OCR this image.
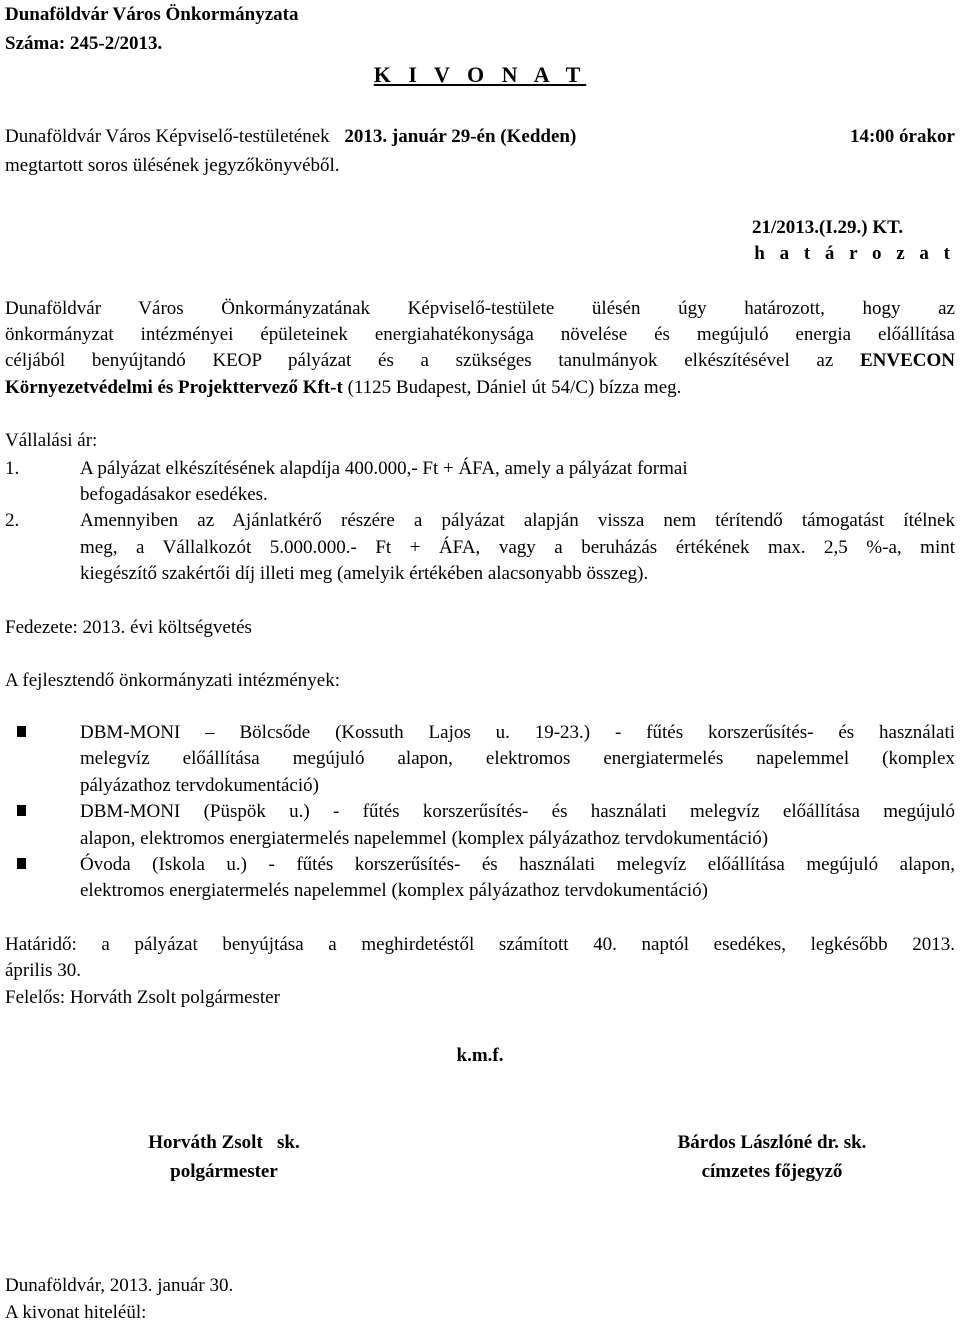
Dunaföldvár Város Önkormányzata
Száma: 245-2/2013.
K I V O N A T
Dunaföldvár Város Képviselő-testületének 2013. január 29-én (Kedden)	14:00 órakor
megtartott soros ülésének jegyzőkönyvéből.
21/2013.(I.29.) KT.
h a t á r o z a t
Dunaföldvár Város Önkormányzatának Képviselő-testülete ülésén úgy határozott, hogy az
önkormányzat intézményei épületeinek energiahatékonysága növelése és megújuló energia előállítása
céljából benyújtandó KEOP pályázat és a szükséges tanulmányok elkészítésével az ENVECON
Környezetvédelmi és Projekttervező Kft-t (1125 Budapest, Dániel út 54/C) bízza meg.
Vállalási ár:
1.	A pályázat elkészítésének alapdíja 400.000,- Ft + ÁFA, amely a pályázat formai
befogadásakor esedékes.
2.	Amennyiben az Ajánlatkérő részére a pályázat alapján vissza nem térítendő támogatást ítélnek
meg, a Vállalkozót 5.000.000.- Ft + ÁFA, vagy a beruházás értékének max. 2,5 %-a, mint
kiegészítő szakértői díj illeti meg (amelyik értékében alacsonyabb összeg).
Fedezete: 2013. évi költségvetés
A fejlesztendő önkormányzati intézmények:
DBM-MONI – Bölcsőde (Kossuth Lajos u. 19-23.) - fűtés korszerűsítés- és használati
melegvíz előállítása megújuló alapon, elektromos energiatermelés napelemmel (komplex
pályázathoz tervdokumentáció)
DBM-MONI (Püspök u.) - fűtés korszerűsítés- és használati melegvíz előállítása megújuló
alapon, elektromos energiatermelés napelemmel (komplex pályázathoz tervdokumentáció)
Óvoda (Iskola u.) - fűtés korszerűsítés- és használati melegvíz előállítása megújuló alapon,
elektromos energiatermelés napelemmel (komplex pályázathoz tervdokumentáció)
Határidő: a pályázat benyújtása a meghirdetéstől számított 40. naptól esedékes, legkésőbb 2013.
április 30.
Felelős: Horváth Zsolt polgármester
k.m.f.
Horváth Zsolt   sk.
polgármester
Bárdos Lászlóné dr. sk.
címzetes főjegyző
Dunaföldvár, 2013. január 30.
A kivonat hiteléül:
